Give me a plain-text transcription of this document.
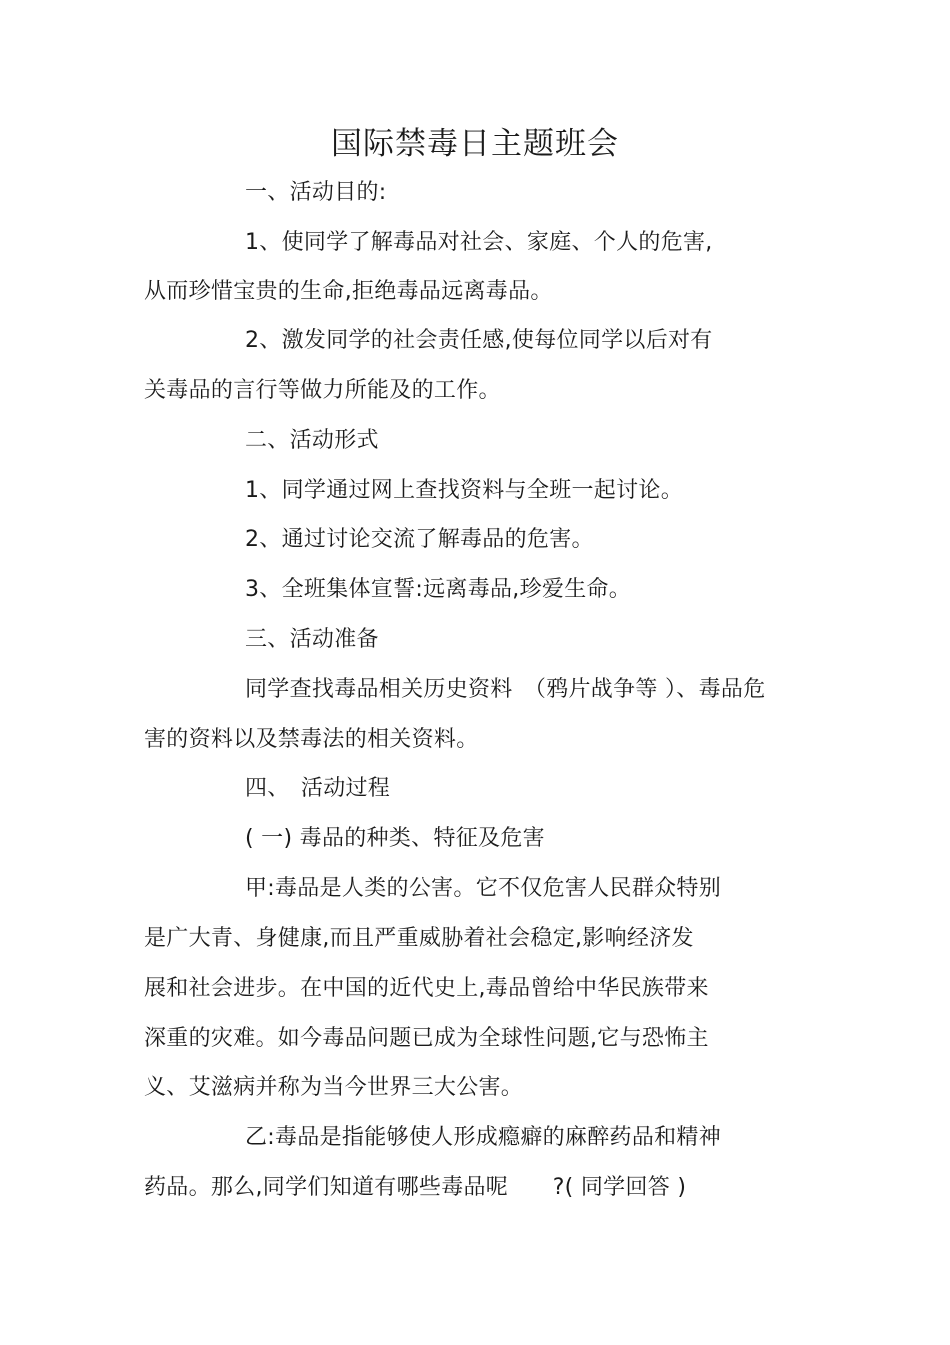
国际禁毒日主题班会
一、活动目的:
1、使同学了解毒品对社会、家庭、个人的危害,
从而珍惜宝贵的生命,拒绝毒品远离毒品。
2、激发同学的社会责任感,使每位同学以后对有
关毒品的言行等做力所能及的工作。
二、活动形式
1、同学通过网上查找资料与全班一起讨论。
2、通过讨论交流了解毒品的危害。
3、全班集体宣誓:远离毒品,珍爱生命。
三、活动准备
同学查找毒品相关历史资料　（鸦片战争等 ）、毒品危
害的资料以及禁毒法的相关资料。
四、　活动过程
( 一) 毒品的种类、特征及危害
甲:毒品是人类的公害。它不仅危害人民群众特别
是广大青、身健康,而且严重威胁着社会稳定,影响经济发
展和社会进步。在中国的近代史上,毒品曾给中华民族带来
深重的灾难。如今毒品问题已成为全球性问题,它与恐怖主
义、艾滋病并称为当今世界三大公害。
乙:毒品是指能够使人形成瘾癖的麻醉药品和精神
药品。那么,同学们知道有哪些毒品呢　　?( 同学回答 )
